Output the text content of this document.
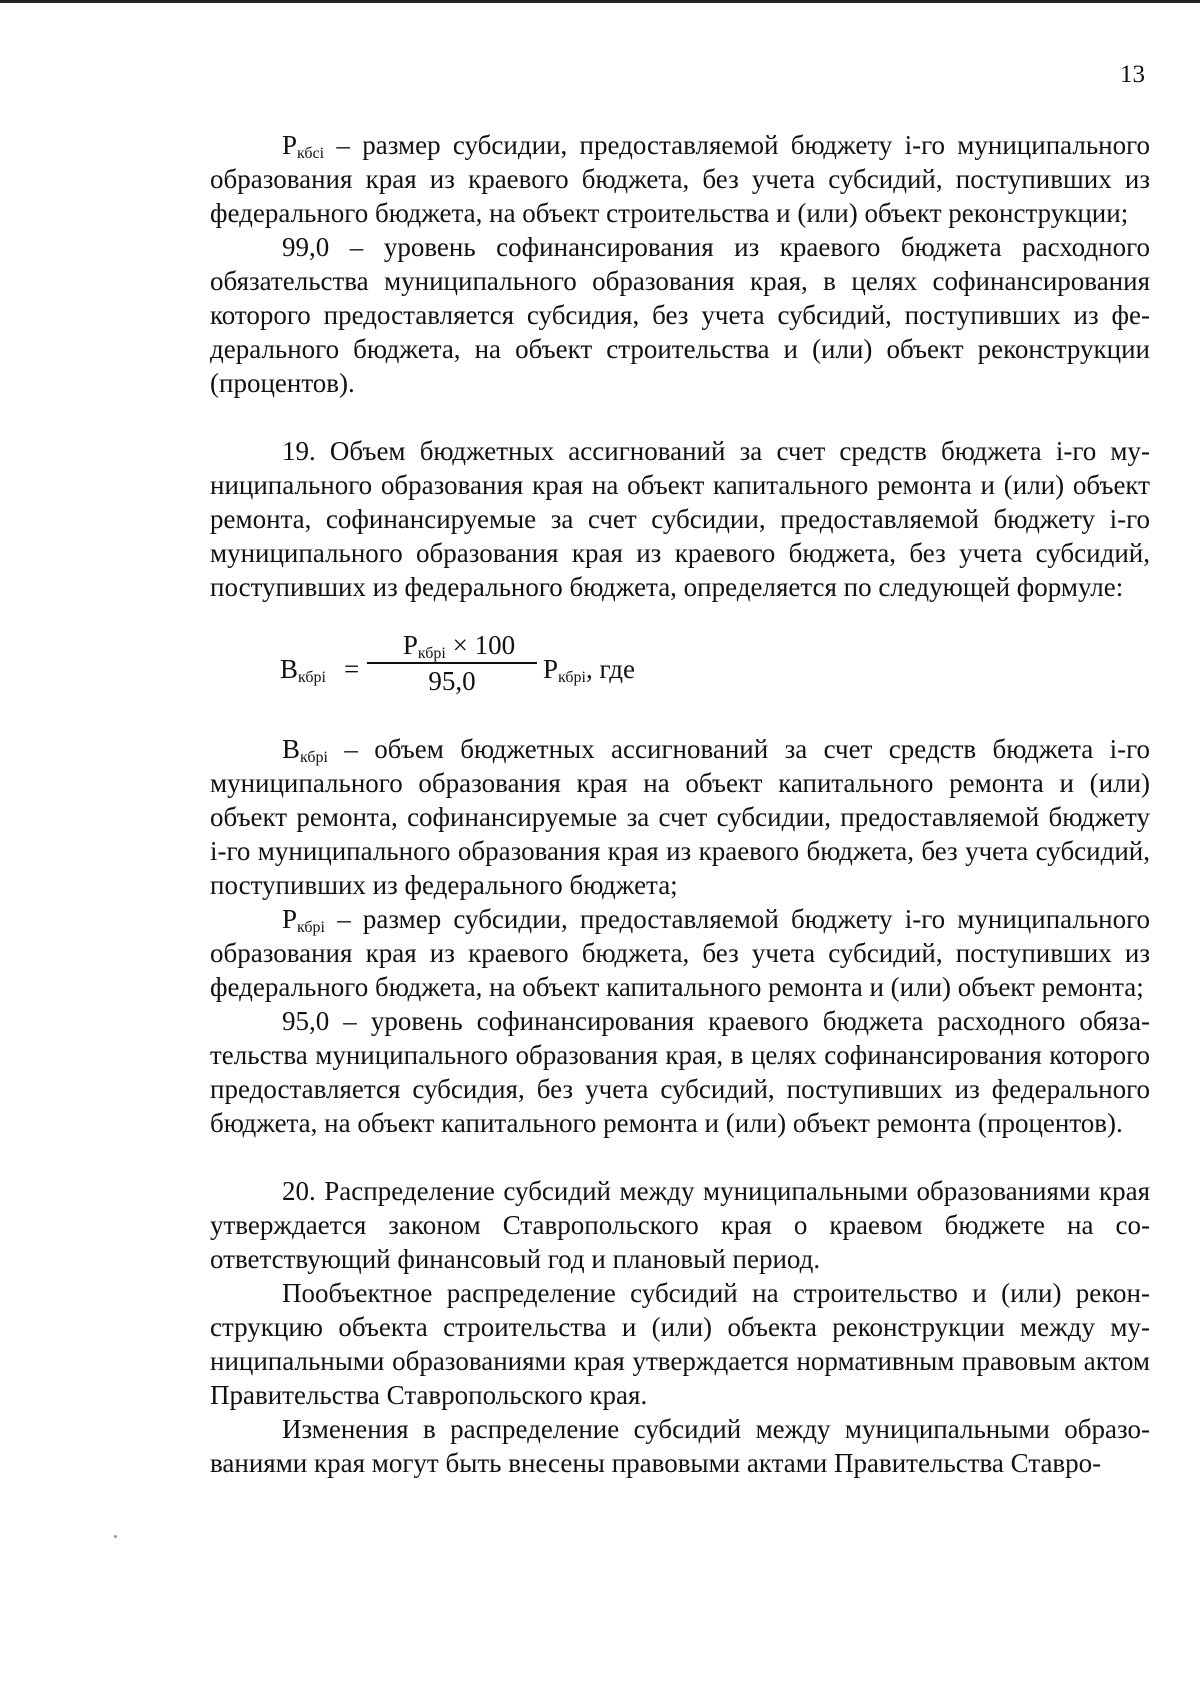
13

$Р_{кбсi}$ – размер субсидии, предоставляемой бюджету i-го муниципального образования края из краевого бюджета, без учета субсидий, поступивших из федерального бюджета, на объект строительства и (или) объект реконструкции;

99,0 – уровень софинансирования из краевого бюджета расходного обязательства муниципального образования края, в целях софинансирования которого предоставляется субсидия, без учета субсидий, поступивших из федерального бюджета, на объект строительства и (или) объект реконструкции (процентов).

19. Объем бюджетных ассигнований за счет средств бюджета i-го муниципального образования края на объект капитального ремонта и (или) объект ремонта, софинансируемые за счет субсидии, предоставляемой бюджету i-го муниципального образования края из краевого бюджета, без учета субсидий, поступивших из федерального бюджета, определяется по следующей формуле:

$В_{кбрi}$ =
$Р_{кбрi} \times 100$
95,0	$Р_{кбрi}$, где

$В_{кбрi}$ – объем бюджетных ассигнований за счет средств бюджета i-го муниципального образования края на объект капитального ремонта и (или) объект ремонта, софинансируемые за счет субсидии, предоставляемой бюджету i-го муниципального образования края из краевого бюджета, без учета субсидий, поступивших из федерального бюджета;

$Р_{кбрi}$ – размер субсидии, предоставляемой бюджету i-го муниципального образования края из краевого бюджета, без учета субсидий, поступивших из федерального бюджета, на объект капитального ремонта и (или) объект ремонта;

95,0 – уровень софинансирования краевого бюджета расходного обязательства муниципального образования края, в целях софинансирования которого предоставляется субсидия, без учета субсидий, поступивших из федерального бюджета, на объект капитального ремонта и (или) объект ремонта (процентов).

20. Распределение субсидий между муниципальными образованиями края утверждается законом Ставропольского края о краевом бюджете на соответствующий финансовый год и плановый период.

Пообъектное распределение субсидий на строительство и (или) реконструкцию объекта строительства и (или) объекта реконструкции между муниципальными образованиями края утверждается нормативным правовым актом Правительства Ставропольского края.

Изменения в распределение субсидий между муниципальными образованиями края могут быть внесены правовыми актами Правительства Ставро-
